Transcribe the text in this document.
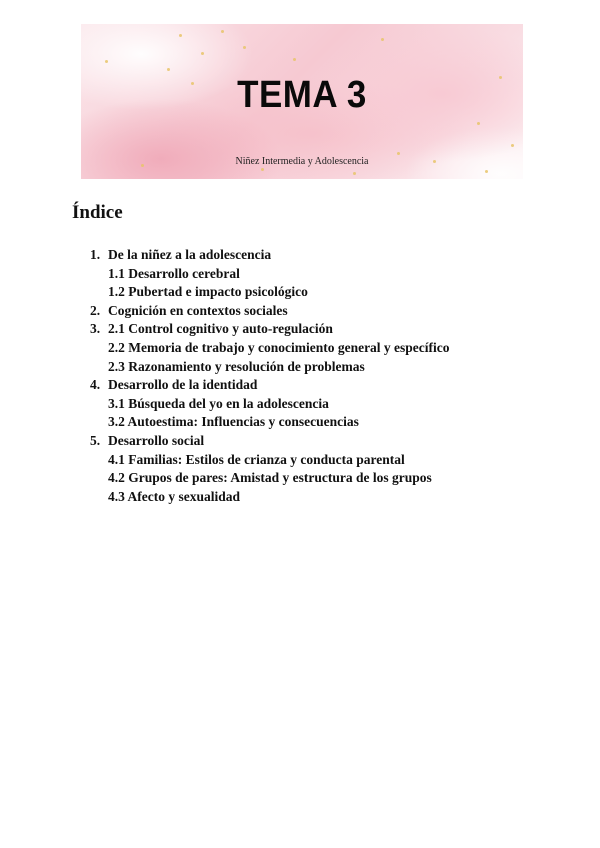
TEMA 3
Niñez Intermedia y Adolescencia
Índice
1. De la niñez a la adolescencia
1.1 Desarrollo cerebral
1.2 Pubertad e impacto psicológico
2. Cognición en contextos sociales
3. 2.1 Control cognitivo y auto-regulación
2.2 Memoria de trabajo y conocimiento general y específico
2.3 Razonamiento y resolución de problemas
4. Desarrollo de la identidad
3.1 Búsqueda del yo en la adolescencia
3.2 Autoestima: Influencias y consecuencias
5. Desarrollo social
4.1 Familias: Estilos de crianza y conducta parental
4.2 Grupos de pares: Amistad y estructura de los grupos
4.3 Afecto y sexualidad
